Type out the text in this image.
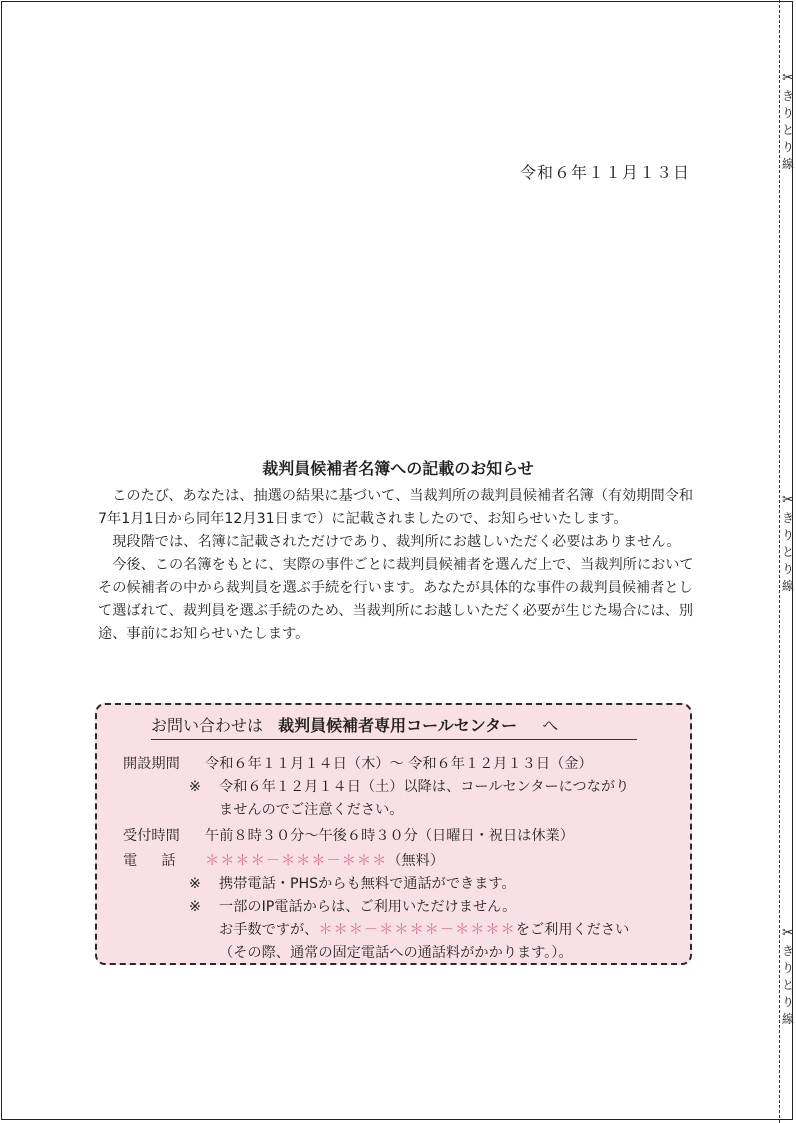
✂
き
り
と
り
線
✂
き
り
と
り
線
✂
き
り
と
り
線
令和６年１１月１３日
裁判員候補者名簿への記載のお知らせ

このたび、あなたは、抽選の結果に基づいて、当裁判所の裁判員候補者名簿（有効期間令和7年1月1日から同年12月31日まで）に記載されましたので、お知らせいたします。

現段階では、名簿に記載されただけであり、裁判所にお越しいただく必要はありません。

今後、この名簿をもとに、実際の事件ごとに裁判員候補者を選んだ上で、当裁判所においてその候補者の中から裁判員を選ぶ手続を行います。あなたが具体的な事件の裁判員候補者として選ばれて、裁判員を選ぶ手続のため、当裁判所にお越しいただく必要が生じた場合には、別途、事前にお知らせいたします。

お問い合わせは 裁判員候補者専用コールセンター へ
開設期間 令和６年１１月１４日（木）～ 令和６年１２月１３日（金）
※ 令和６年１２月１４日（土）以降は、コールセンターにつながり
ませんのでご注意ください。
受付時間 午前８時３０分～午後６時３０分（日曜日・祝日は休業）
電話 ＊＊＊＊－＊＊＊－＊＊＊（無料）
※ 携帯電話・PHSからも無料で通話ができます。
※ 一部のIP電話からは、ご利用いただけません。
お手数ですが、＊＊＊－＊＊＊＊－＊＊＊＊をご利用ください
（その際、通常の固定電話への通話料がかかります。）。
